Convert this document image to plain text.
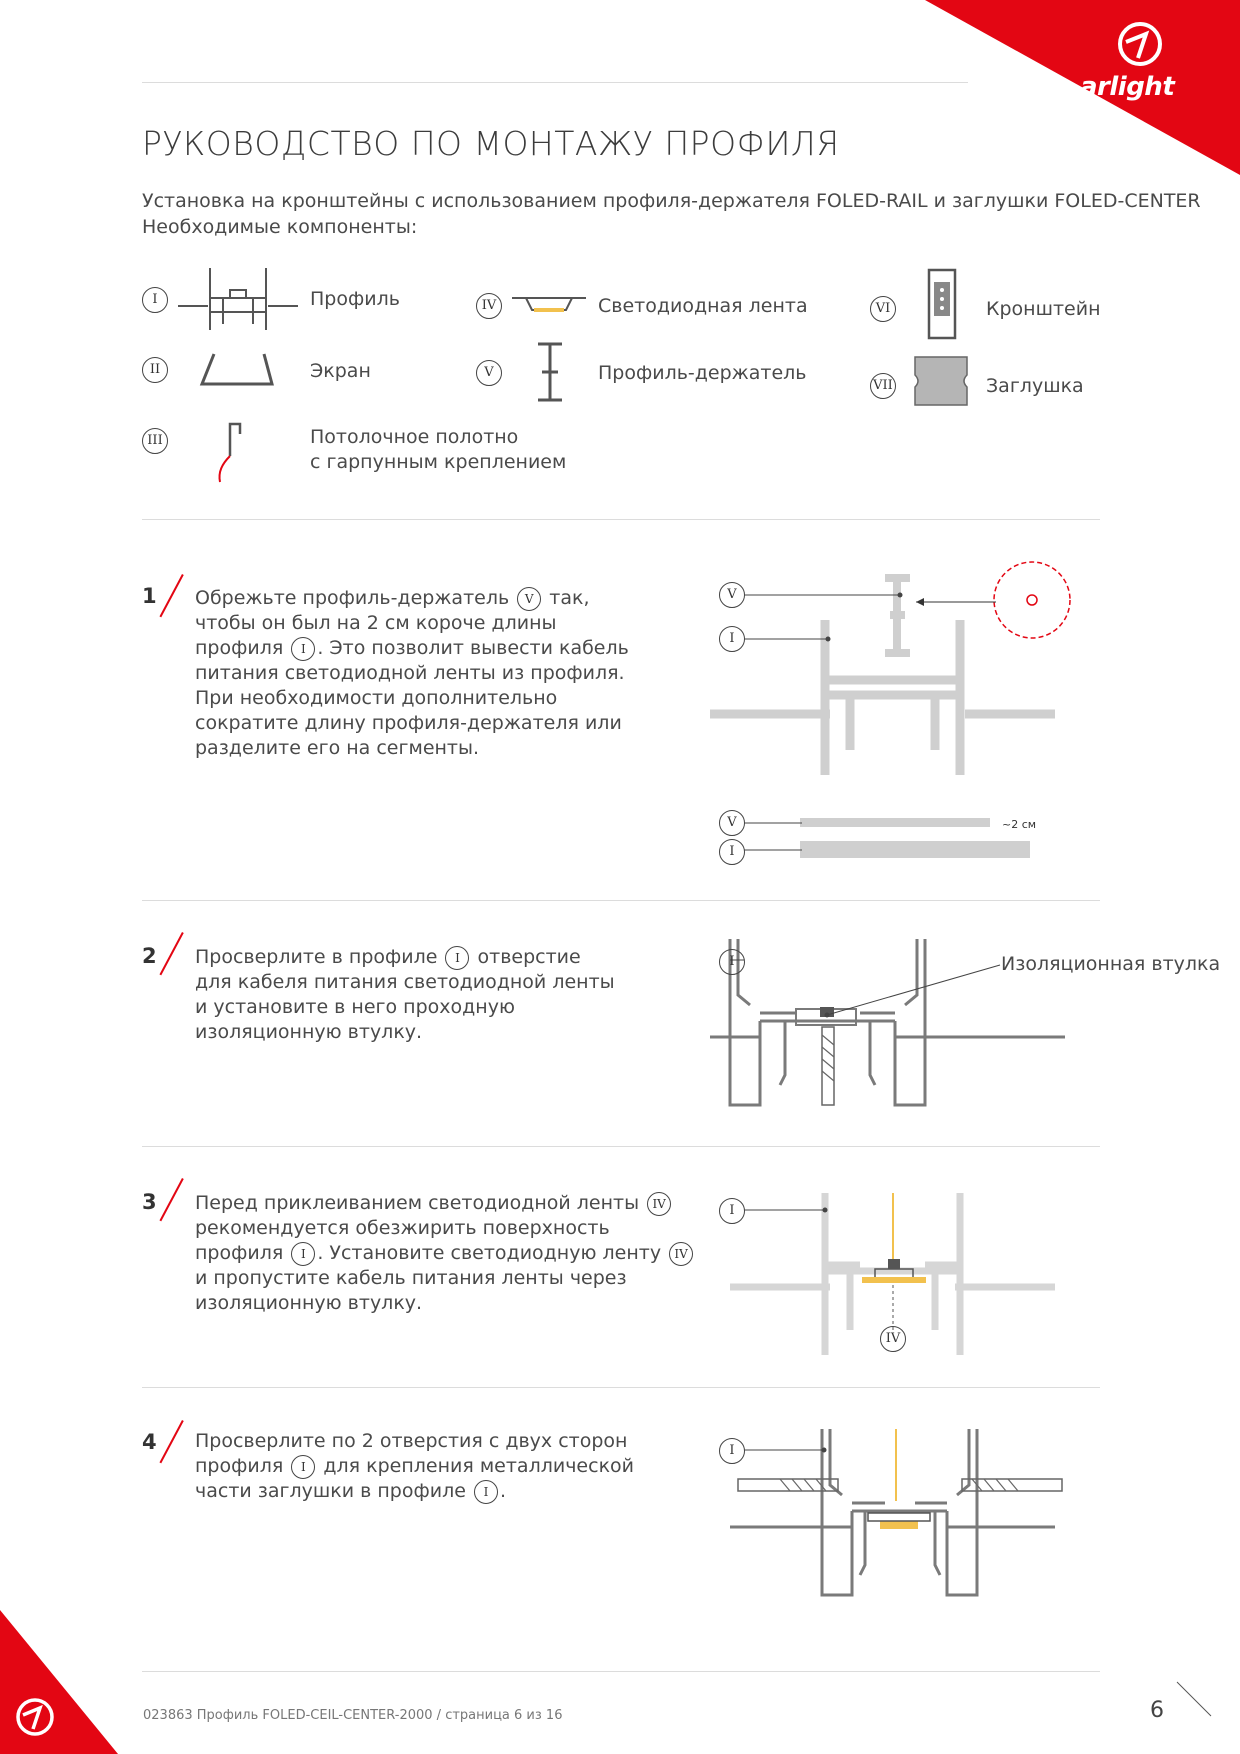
arlight
РУКОВОДСТВО ПО МОНТАЖУ ПРОФИЛЯ
Установка на кронштейны с использованием профиля-держателя FOLED-RAIL и заглушки FOLED-CENTER
Необходимые компоненты:
I	Профиль
II	Экран
III	Потолочное полотно
с гарпунным креплением
IV	Светодиодная лента
V	Профиль-держатель
VI	Кронштейн
VII	Заглушка
1 Обрежьте профиль-держатель V так,

чтобы он был на 2 см короче длины

профиля I . Это позволит вывести кабель

питания светодиодной ленты из профиля.

При необходимости дополнительно

сократите длину профиля-держателя или

разделите его на сегменты.

~2 см
V
I
V
I
2 Просверлите в профиле I отверстие

для кабеля питания светодиодной ленты

и установите в него проходную

изоляционную втулку.

I	Изоляционная втулка
3 Перед приклеиванием светодиодной ленты IV

рекомендуется обезжирить поверхность

профиля I . Установите светодиодную ленту IV

и пропустите кабель питания ленты через

изоляционную втулку.

I
IV
4 Просверлите по 2 отверстия с двух сторон

профиля I для крепления металлической

части заглушки в профиле I .

I
023863 Профиль FOLED-CEIL-CENTER-2000 / страница 6 из 16	6
